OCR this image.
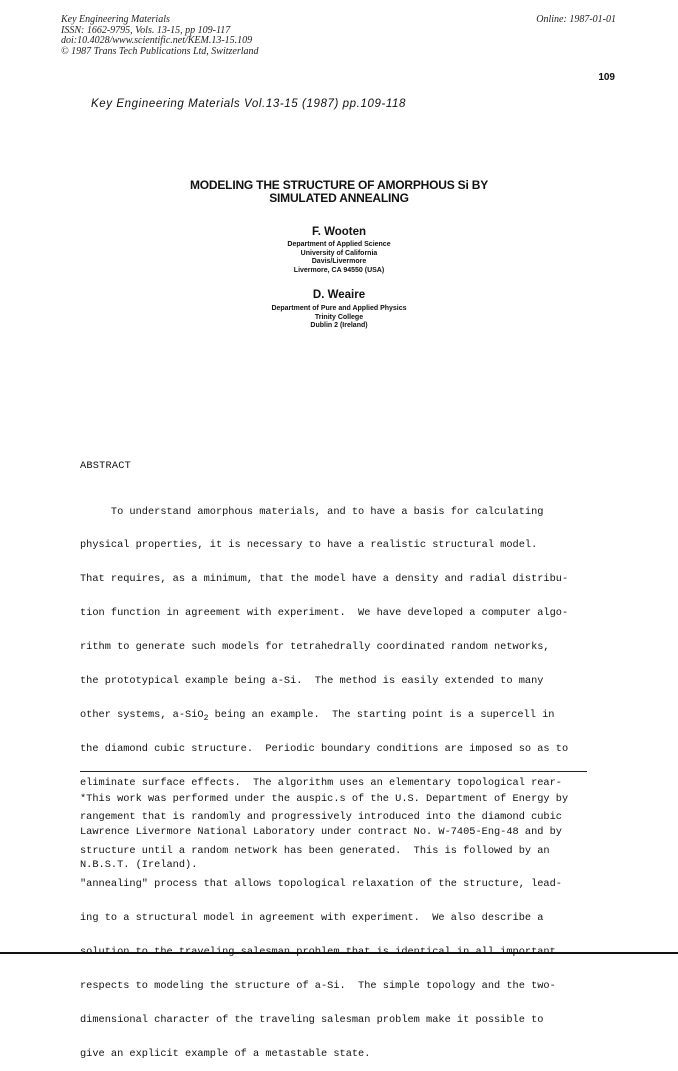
Key Engineering Materials
ISSN: 1662-9795, Vols. 13-15, pp 109-117
doi:10.4028/www.scientific.net/KEM.13-15.109
© 1987 Trans Tech Publications Ltd, Switzerland
Online: 1987-01-01
109
Key Engineering Materials Vol.13-15 (1987) pp.109-118
MODELING THE STRUCTURE OF AMORPHOUS Si BY
SIMULATED ANNEALING
F. Wooten
Department of Applied Science
University of California
Davis/Livermore
Livermore, CA 94550 (USA)
D. Weaire
Department of Pure and Applied Physics
Trinity College
Dublin 2 (Ireland)
ABSTRACT

To understand amorphous materials, and to have a basis for calculating

physical properties, it is necessary to have a realistic structural model.

That requires, as a minimum, that the model have a density and radial distribu-

tion function in agreement with experiment.  We have developed a computer algo-

rithm to generate such models for tetrahedrally coordinated random networks,

the prototypical example being a-Si.  The method is easily extended to many

other systems, a-SiO$_2$ being an example.  The starting point is a supercell in

the diamond cubic structure.  Periodic boundary conditions are imposed so as to

eliminate surface effects.  The algorithm uses an elementary topological rear-

rangement that is randomly and progressively introduced into the diamond cubic

structure until a random network has been generated.  This is followed by an

"annealing" process that allows topological relaxation of the structure, lead-

ing to a structural model in agreement with experiment.  We also describe a

respects to modeling the structure of a-Si.  The simple topology and the two-

dimensional character of the traveling salesman problem make it possible to

give an explicit example of a metastable state.

*This work was performed under the auspic.s of the U.S. Department of Energy by

Lawrence Livermore National Laboratory under contract No. W-7405-Eng-48 and by

N.B.S.T. (Ireland).
